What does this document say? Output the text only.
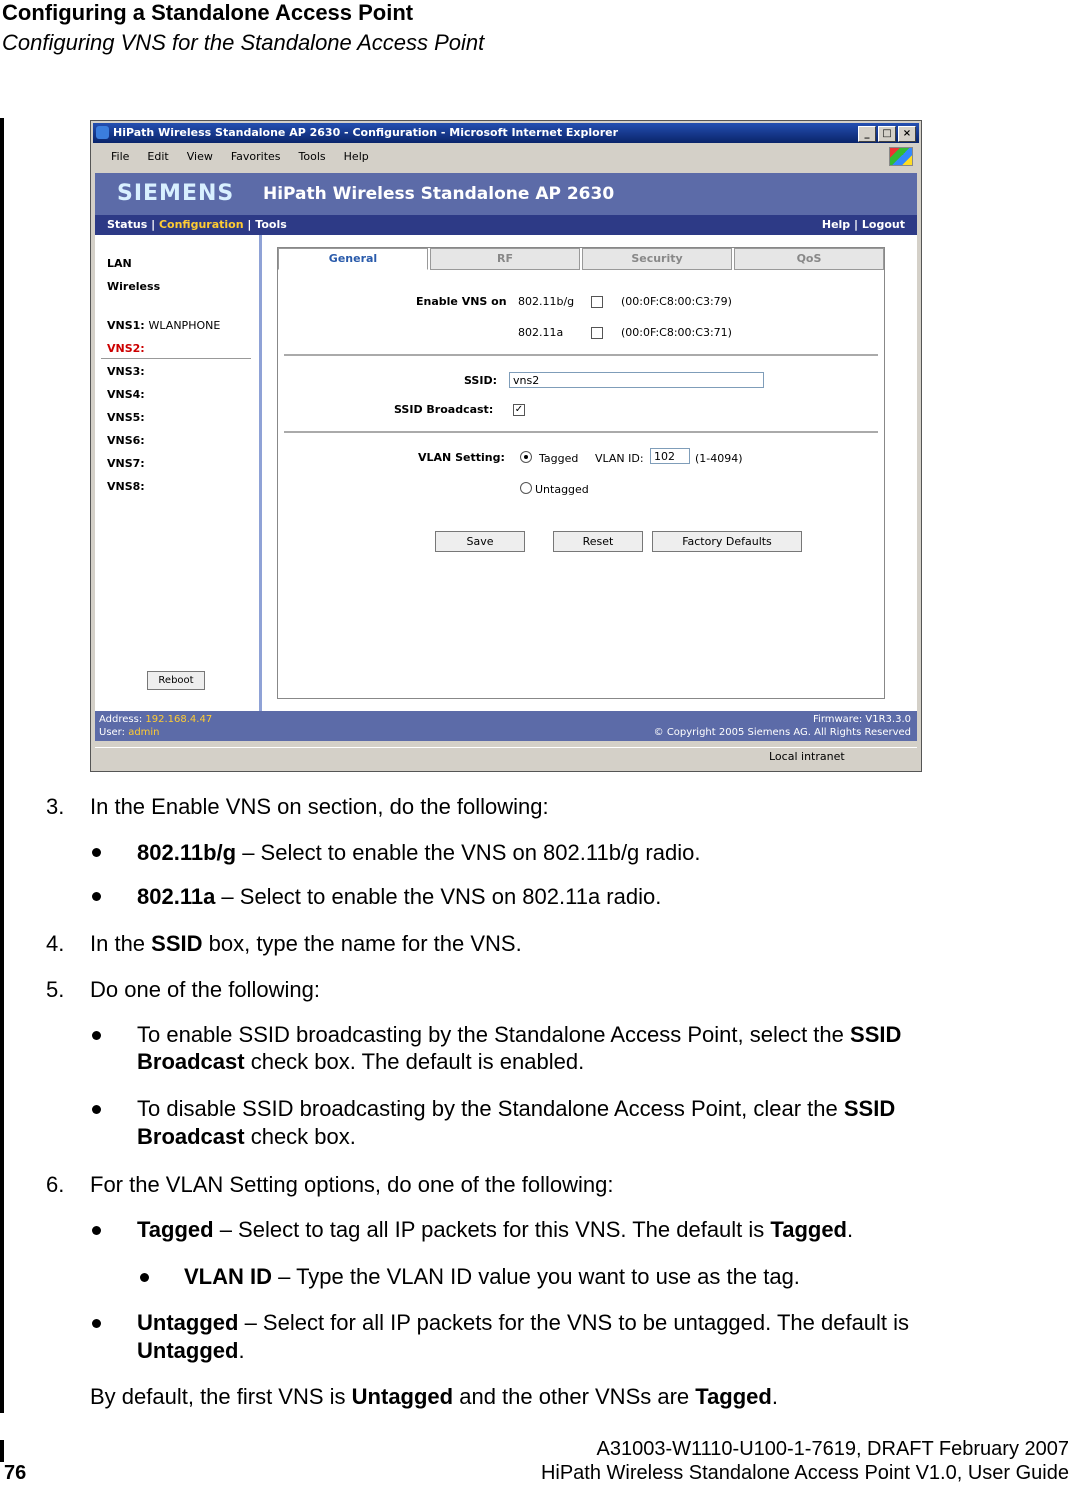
Configuring a Standalone Access Point
Configuring VNS for the Standalone Access Point
HiPath Wireless Standalone AP 2630 - Configuration - Microsoft Internet Explorer	_	□	×
File Edit View Favorites Tools Help
SIEMENS HiPath Wireless Standalone AP 2630
Status | Configuration | Tools	Help | Logout
LAN
Wireless
VNS1: WLANPHONE
VNS2:
VNS3:
VNS4:
VNS5:
VNS6:
VNS7:
VNS8:
Reboot
General	RF	Security	QoS
Enable VNS on 802.11b/g	(00:0F:C8:00:C3:79)
802.11a	(00:0F:C8:00:C3:71)
SSID:	vns2
SSID Broadcast: ✓
VLAN Setting:	Tagged VLAN ID: 102	(1-4094)
Untagged
Save	Reset	Factory Defaults
Address: 192.168.4.47
User: admin
Firmware: V1R3.3.0
© Copyright 2005 Siemens AG. All Rights Reserved
Local intranet
3. In the Enable VNS on section, do the following:
802.11b/g – Select to enable the VNS on 802.11b/g radio.
802.11a – Select to enable the VNS on 802.11a radio.
4. In the SSID box, type the name for the VNS.
5. Do one of the following:
To enable SSID broadcasting by the Standalone Access Point, select the SSID
Broadcast check box. The default is enabled.
To disable SSID broadcasting by the Standalone Access Point, clear the SSID
Broadcast check box.
6. For the VLAN Setting options, do one of the following:
Tagged – Select to tag all IP packets for this VNS. The default is Tagged.
VLAN ID – Type the VLAN ID value you want to use as the tag.
Untagged – Select for all IP packets for the VNS to be untagged. The default is
Untagged.
By default, the first VNS is Untagged and the other VNSs are Tagged.
A31003-W1110-U100-1-7619, DRAFT February 2007
HiPath Wireless Standalone Access Point V1.0, User Guide
76
